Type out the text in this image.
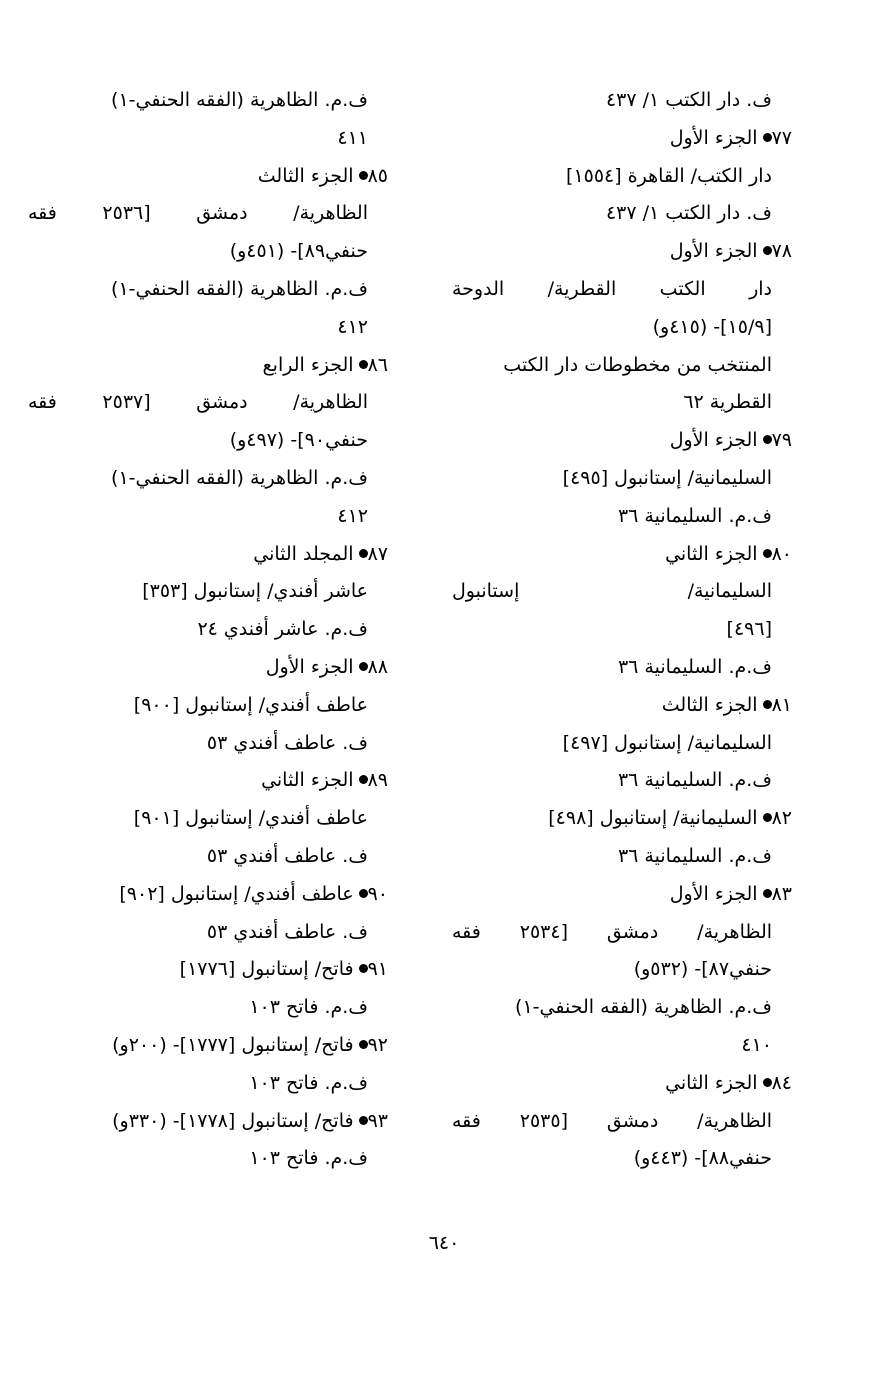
ف. دار الكتب ١/ ٤٣٧
٧٧الجزء الأول
دار الكتب/ القاهرة [١٥٥٤]
ف. دار الكتب ١/ ٤٣٧
٧٨الجزء الأول
دار الكتب القطرية/ الدوحة
[١٥/٩]- (٤١٥و)
المنتخب من مخطوطات دار الكتب
القطرية ٦٢
٧٩الجزء الأول
السليمانية/ إستانبول [٤٩٥]
ف.م. السليمانية ٣٦
٨٠الجزء الثاني
السليمانية/ إستانبول
[٤٩٦]
ف.م. السليمانية ٣٦
٨١الجزء الثالث
السليمانية/ إستانبول [٤٩٧]
ف.م. السليمانية ٣٦
٨٢السليمانية/ إستانبول [٤٩٨]
ف.م. السليمانية ٣٦
٨٣الجزء الأول
الظاهرية/ دمشق [٢٥٣٤ فقه
حنفي٨٧]- (٥٣٢و)
ف.م. الظاهرية (الفقه الحنفي-١)
٤١٠
٨٤الجزء الثاني
الظاهرية/ دمشق [٢٥٣٥ فقه
حنفي٨٨]- (٤٤٣و)
ف.م. الظاهرية (الفقه الحنفي-١)
٤١١
٨٥الجزء الثالث
الظاهرية/ دمشق [٢٥٣٦ فقه
حنفي٨٩]- (٤٥١و)
ف.م. الظاهرية (الفقه الحنفي-١)
٤١٢
٨٦الجزء الرابع
الظاهرية/ دمشق [٢٥٣٧ فقه
حنفي٩٠]- (٤٩٧و)
ف.م. الظاهرية (الفقه الحنفي-١)
٤١٢
٨٧المجلد الثاني
عاشر أفندي/ إستانبول [٣٥٣]
ف.م. عاشر أفندي ٢٤
٨٨الجزء الأول
عاطف أفندي/ إستانبول [٩٠٠]
ف. عاطف أفندي ٥٣
٨٩الجزء الثاني
عاطف أفندي/ إستانبول [٩٠١]
ف. عاطف أفندي ٥٣
٩٠عاطف أفندي/ إستانبول [٩٠٢]
ف. عاطف أفندي ٥٣
٩١فاتح/ إستانبول [١٧٧٦]
ف.م. فاتح ١٠٣
٩٢فاتح/ إستانبول [١٧٧٧]- (٢٠٠و)
ف.م. فاتح ١٠٣
٩٣فاتح/ إستانبول [١٧٧٨]- (٣٣٠و)
ف.م. فاتح ١٠٣
٦٤٠
